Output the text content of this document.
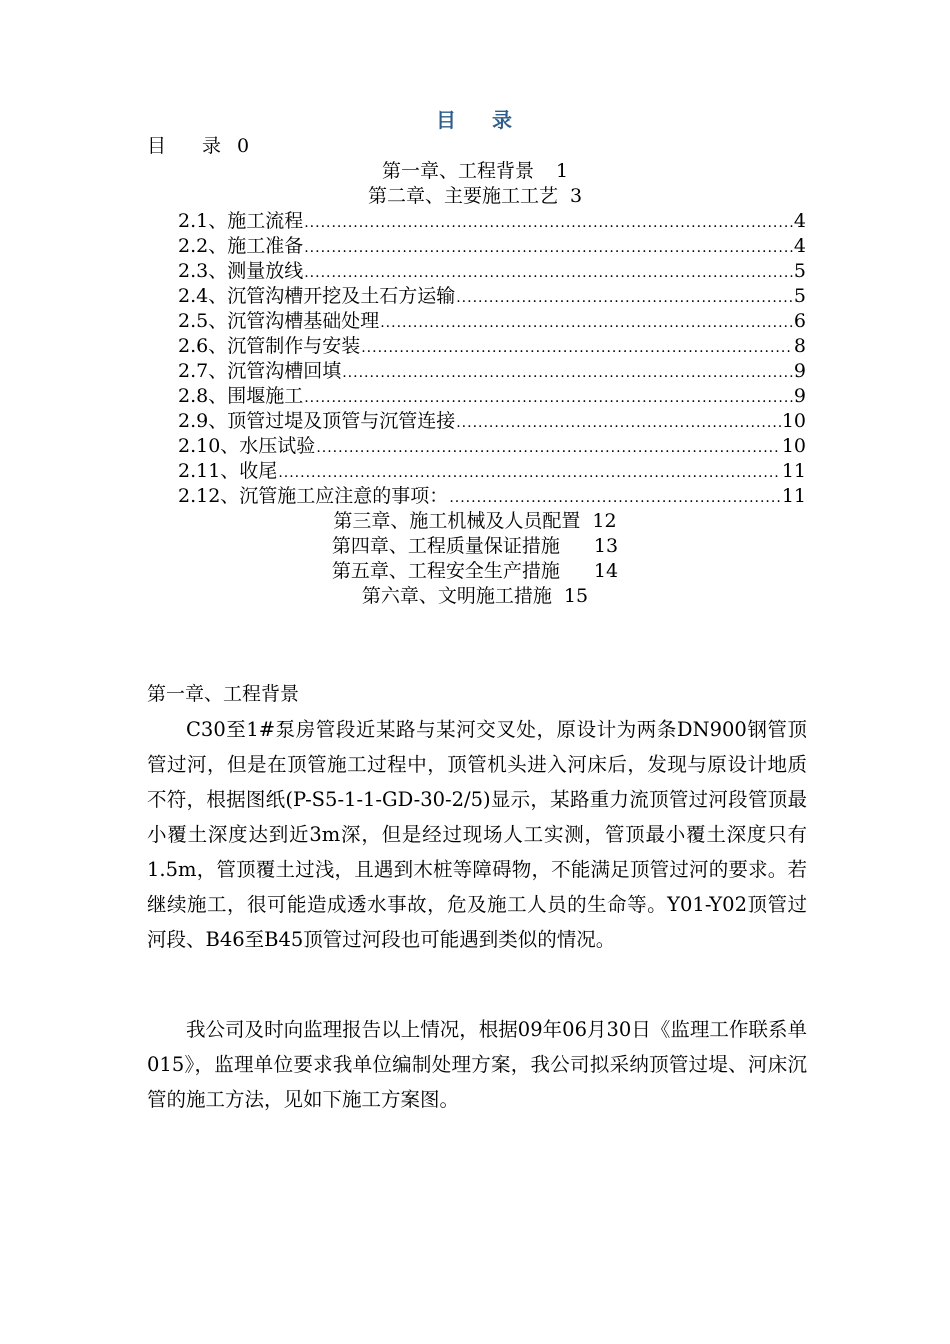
目 录
目 录 0
第一章、工程背景 1
第二章、主要施工工艺 3
2.1、施工流程 .....	4
2.2、施工准备 .....	4
2.3、测量放线 .....	5
2.4、沉管沟槽开挖及土石方运输 .....	5
2.5、沉管沟槽基础处理 .....	6
2.6、沉管制作与安装 .....	8
2.7、沉管沟槽回填 .....	9
2.8、围堰施工 .....	9
2.9、顶管过堤及顶管与沉管连接 .....	10
2.10、水压试验 .....	10
2.11、收尾 .....	11
2.12、沉管施工应注意的事项： .....	11
第三章、施工机械及人员配置 12
第四章、工程质量保证措施 13
第五章、工程安全生产措施 14
第六章、文明施工措施 15
第一章、工程背景

C30至1#泵房管段近某路与某河交叉处，原设计为两条DN900钢管顶管过河，但是在顶管施工过程中，顶管机头进入河床后，发现与原设计地质不符，根据图纸(P-S5-1-1-GD-30-2/5)显示，某路重力流顶管过河段管顶最小覆土深度达到近3m深，但是经过现场人工实测，管顶最小覆土深度只有1.5m，管顶覆土过浅，且遇到木桩等障碍物，不能满足顶管过河的要求。若继续施工，很可能造成透水事故，危及施工人员的生命等。Y01-Y02顶管过河段、B46至B45顶管过河段也可能遇到类似的情况。

我公司及时向监理报告以上情况，根据09年06月30日《监理工作联系单015》，监理单位要求我单位编制处理方案，我公司拟采纳顶管过堤、河床沉管的施工方法，见如下施工方案图。
